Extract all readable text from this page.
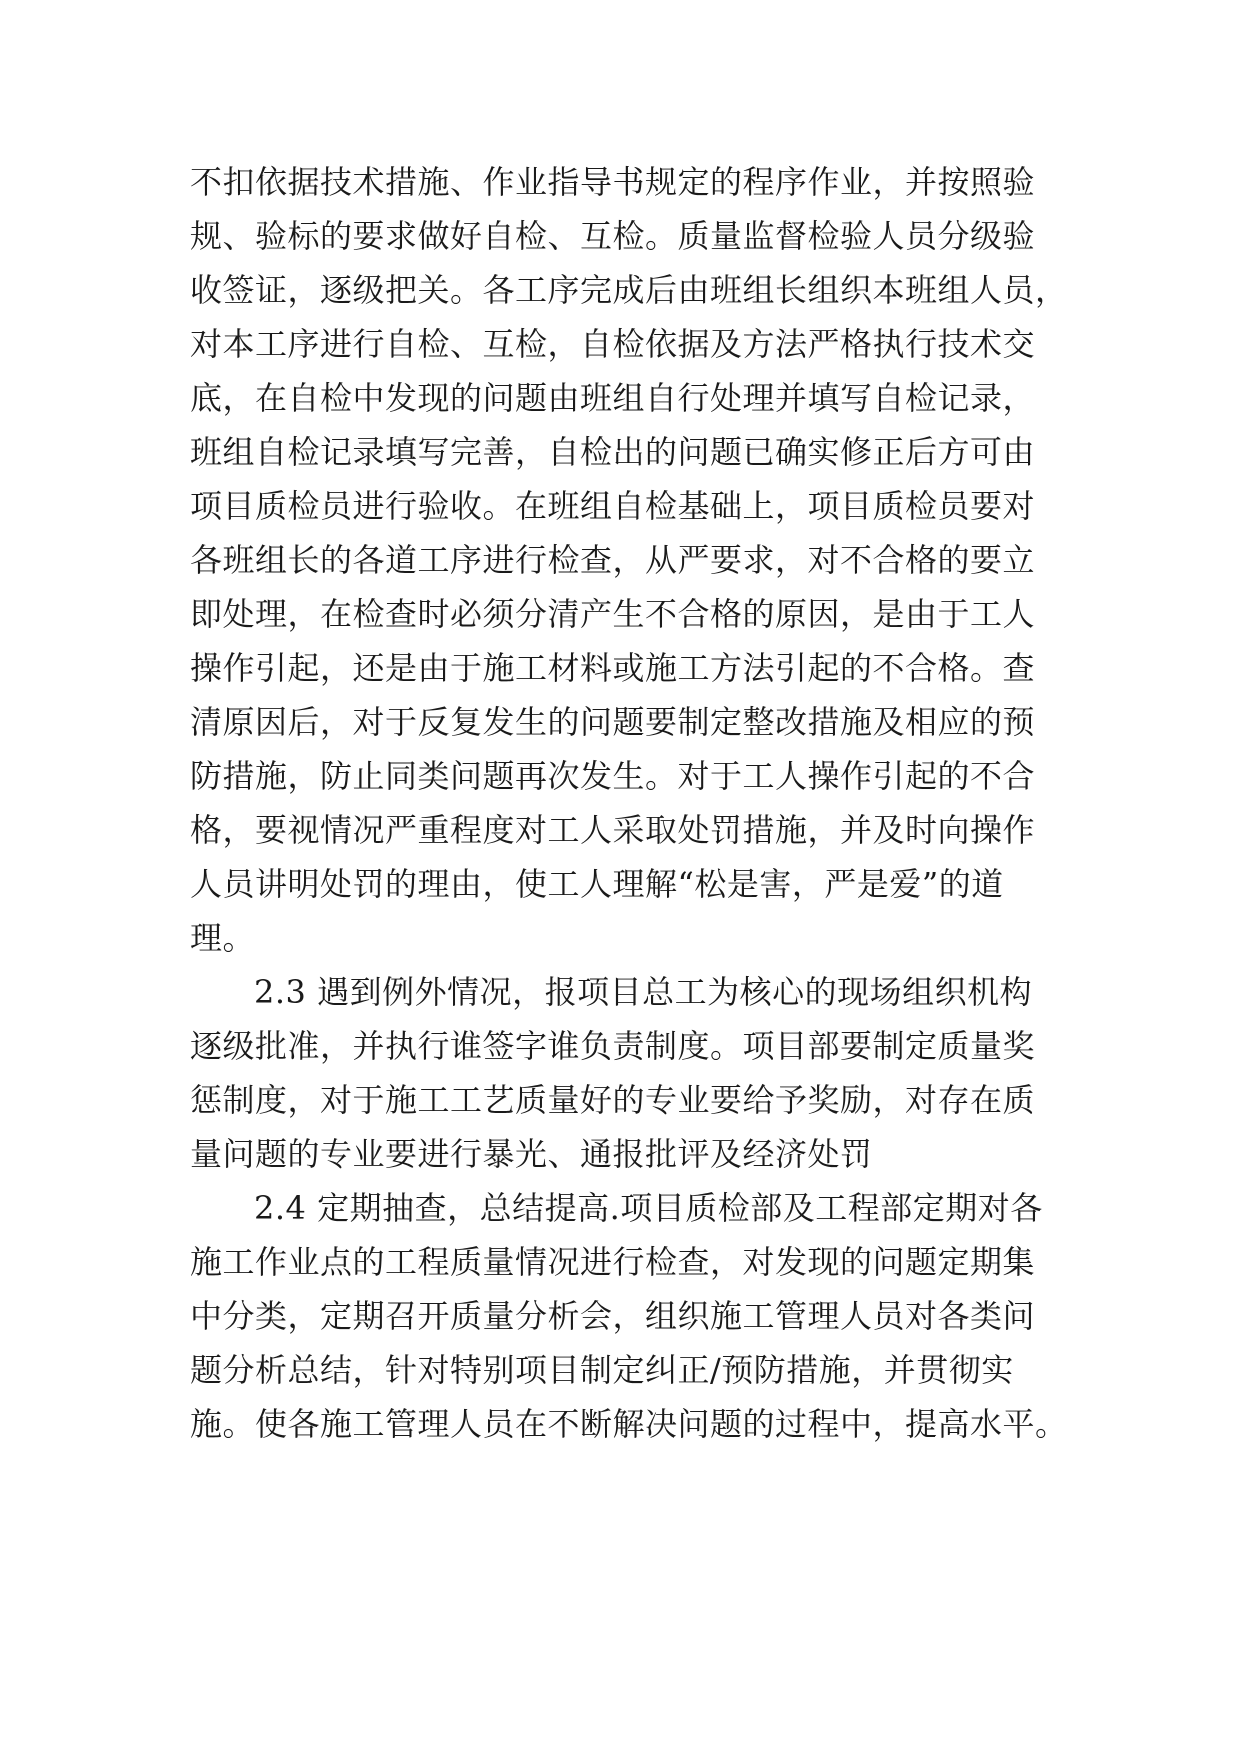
不扣依据技术措施、作业指导书规定的程序作业，并按照验
规、验标的要求做好自检、互检。质量监督检验人员分级验
收签证，逐级把关。各工序完成后由班组长组织本班组人员，
对本工序进行自检、互检，自检依据及方法严格执行技术交
底，在自检中发现的问题由班组自行处理并填写自检记录，
班组自检记录填写完善，自检出的问题已确实修正后方可由
项目质检员进行验收。在班组自检基础上，项目质检员要对
各班组长的各道工序进行检查，从严要求，对不合格的要立
即处理，在检查时必须分清产生不合格的原因，是由于工人
操作引起，还是由于施工材料或施工方法引起的不合格。查
清原因后，对于反复发生的问题要制定整改措施及相应的预
防措施，防止同类问题再次发生。对于工人操作引起的不合
格，要视情况严重程度对工人采取处罚措施，并及时向操作
人员讲明处罚的理由，使工人理解“松是害，严是爱”的道
理。
2.3 遇到例外情况，报项目总工为核心的现场组织机构
逐级批准，并执行谁签字谁负责制度。项目部要制定质量奖
惩制度，对于施工工艺质量好的专业要给予奖励，对存在质
量问题的专业要进行暴光、通报批评及经济处罚
2.4 定期抽查，总结提高.项目质检部及工程部定期对各
施工作业点的工程质量情况进行检查，对发现的问题定期集
中分类，定期召开质量分析会，组织施工管理人员对各类问
题分析总结，针对特别项目制定纠正/预防措施，并贯彻实
施。使各施工管理人员在不断解决问题的过程中，提高水平。
